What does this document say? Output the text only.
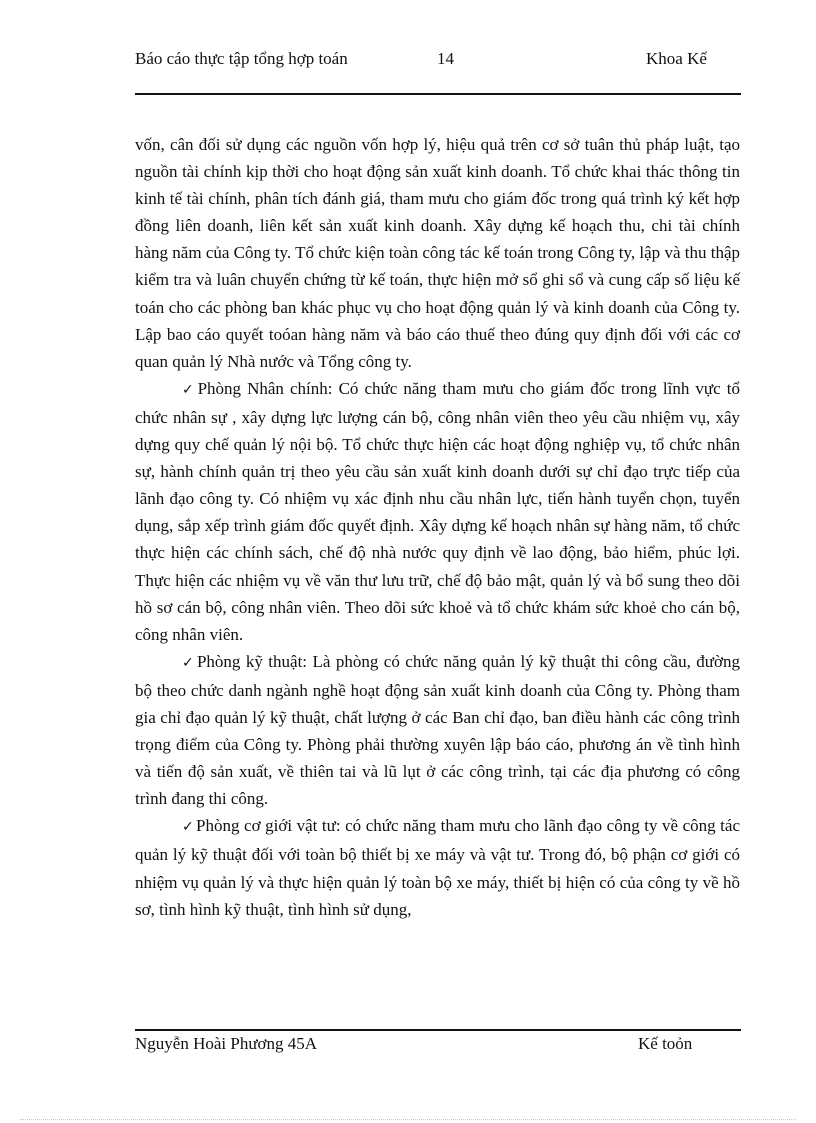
Báo cáo thực tập tổng hợp toán	14	Khoa Kế

vốn, cân đối sử dụng các nguồn vốn hợp lý, hiệu quả trên cơ sở tuân thủ pháp luật, tạo nguồn tài chính kịp thời cho hoạt động sản xuất kinh doanh. Tổ chức khai thác thông tin kinh tế tài chính, phân tích đánh giá, tham mưu cho giám đốc trong quá trình ký kết hợp đồng liên doanh, liên kết sản xuất kinh doanh. Xây dựng kế hoạch thu, chi tài chính hàng năm của Công ty. Tổ chức kiện toàn công tác kế toán trong Công ty, lập và thu thập kiểm tra và luân chuyển chứng từ kế toán, thực hiện mở sổ ghi sổ và cung cấp số liệu kế toán cho các phòng ban khác phục vụ cho hoạt động quản lý và kinh doanh của Công ty. Lập bao cáo quyết toóan hàng năm và báo cáo thuế theo đúng quy định đối với các cơ quan quản lý Nhà nước và Tổng công ty.

✓ Phòng Nhân chính: Có chức năng tham mưu cho giám đốc trong lĩnh vực tổ chức nhân sự , xây dựng lực lượng cán bộ, công nhân viên theo yêu cầu nhiệm vụ, xây dựng quy chế quản lý nội bộ. Tổ chức thực hiện các hoạt động nghiệp vụ, tổ chức nhân sự, hành chính quản trị theo yêu cầu sản xuất kinh doanh dưới sự chỉ đạo trực tiếp của lãnh đạo công ty. Có nhiệm vụ xác định nhu cầu nhân lực, tiến hành tuyển chọn, tuyển dụng, sắp xếp trình giám đốc quyết định. Xây dựng kế hoạch nhân sự hàng năm, tổ chức thực hiện các chính sách, chế độ nhà nước quy định về lao động, bảo hiểm, phúc lợi. Thực hiện các nhiệm vụ về văn thư lưu trữ, chế độ bảo mật, quản lý và bổ sung theo dõi hồ sơ cán bộ, công nhân viên. Theo dõi sức khoẻ và tổ chức khám sức khoẻ cho cán bộ, công nhân viên.

✓ Phòng kỹ thuật: Là phòng có chức năng quản lý kỹ thuật thi công cầu, đường bộ theo chức danh ngành nghề hoạt động sản xuất kinh doanh của Công ty. Phòng tham gia chỉ đạo quản lý kỹ thuật, chất lượng ở các Ban chỉ đạo, ban điều hành các công trình trọng điểm của Công ty. Phòng phải thường xuyên lập báo cáo, phương án về tình hình và tiến độ sản xuất, về thiên tai và lũ lụt ở các công trình, tại các địa phương có công trình đang thi công.

✓ Phòng cơ giới vật tư: có chức năng tham mưu cho lãnh đạo công ty về công tác quản lý kỹ thuật đối với toàn bộ thiết bị xe máy và vật tư. Trong đó, bộ phận cơ giới có nhiệm vụ quản lý và thực hiện quản lý toàn bộ xe máy, thiết bị hiện có của công ty về hồ sơ, tình hình kỹ thuật, tình hình sử dụng,

Nguyễn Hoài Phương 45A	Kế toỏn
